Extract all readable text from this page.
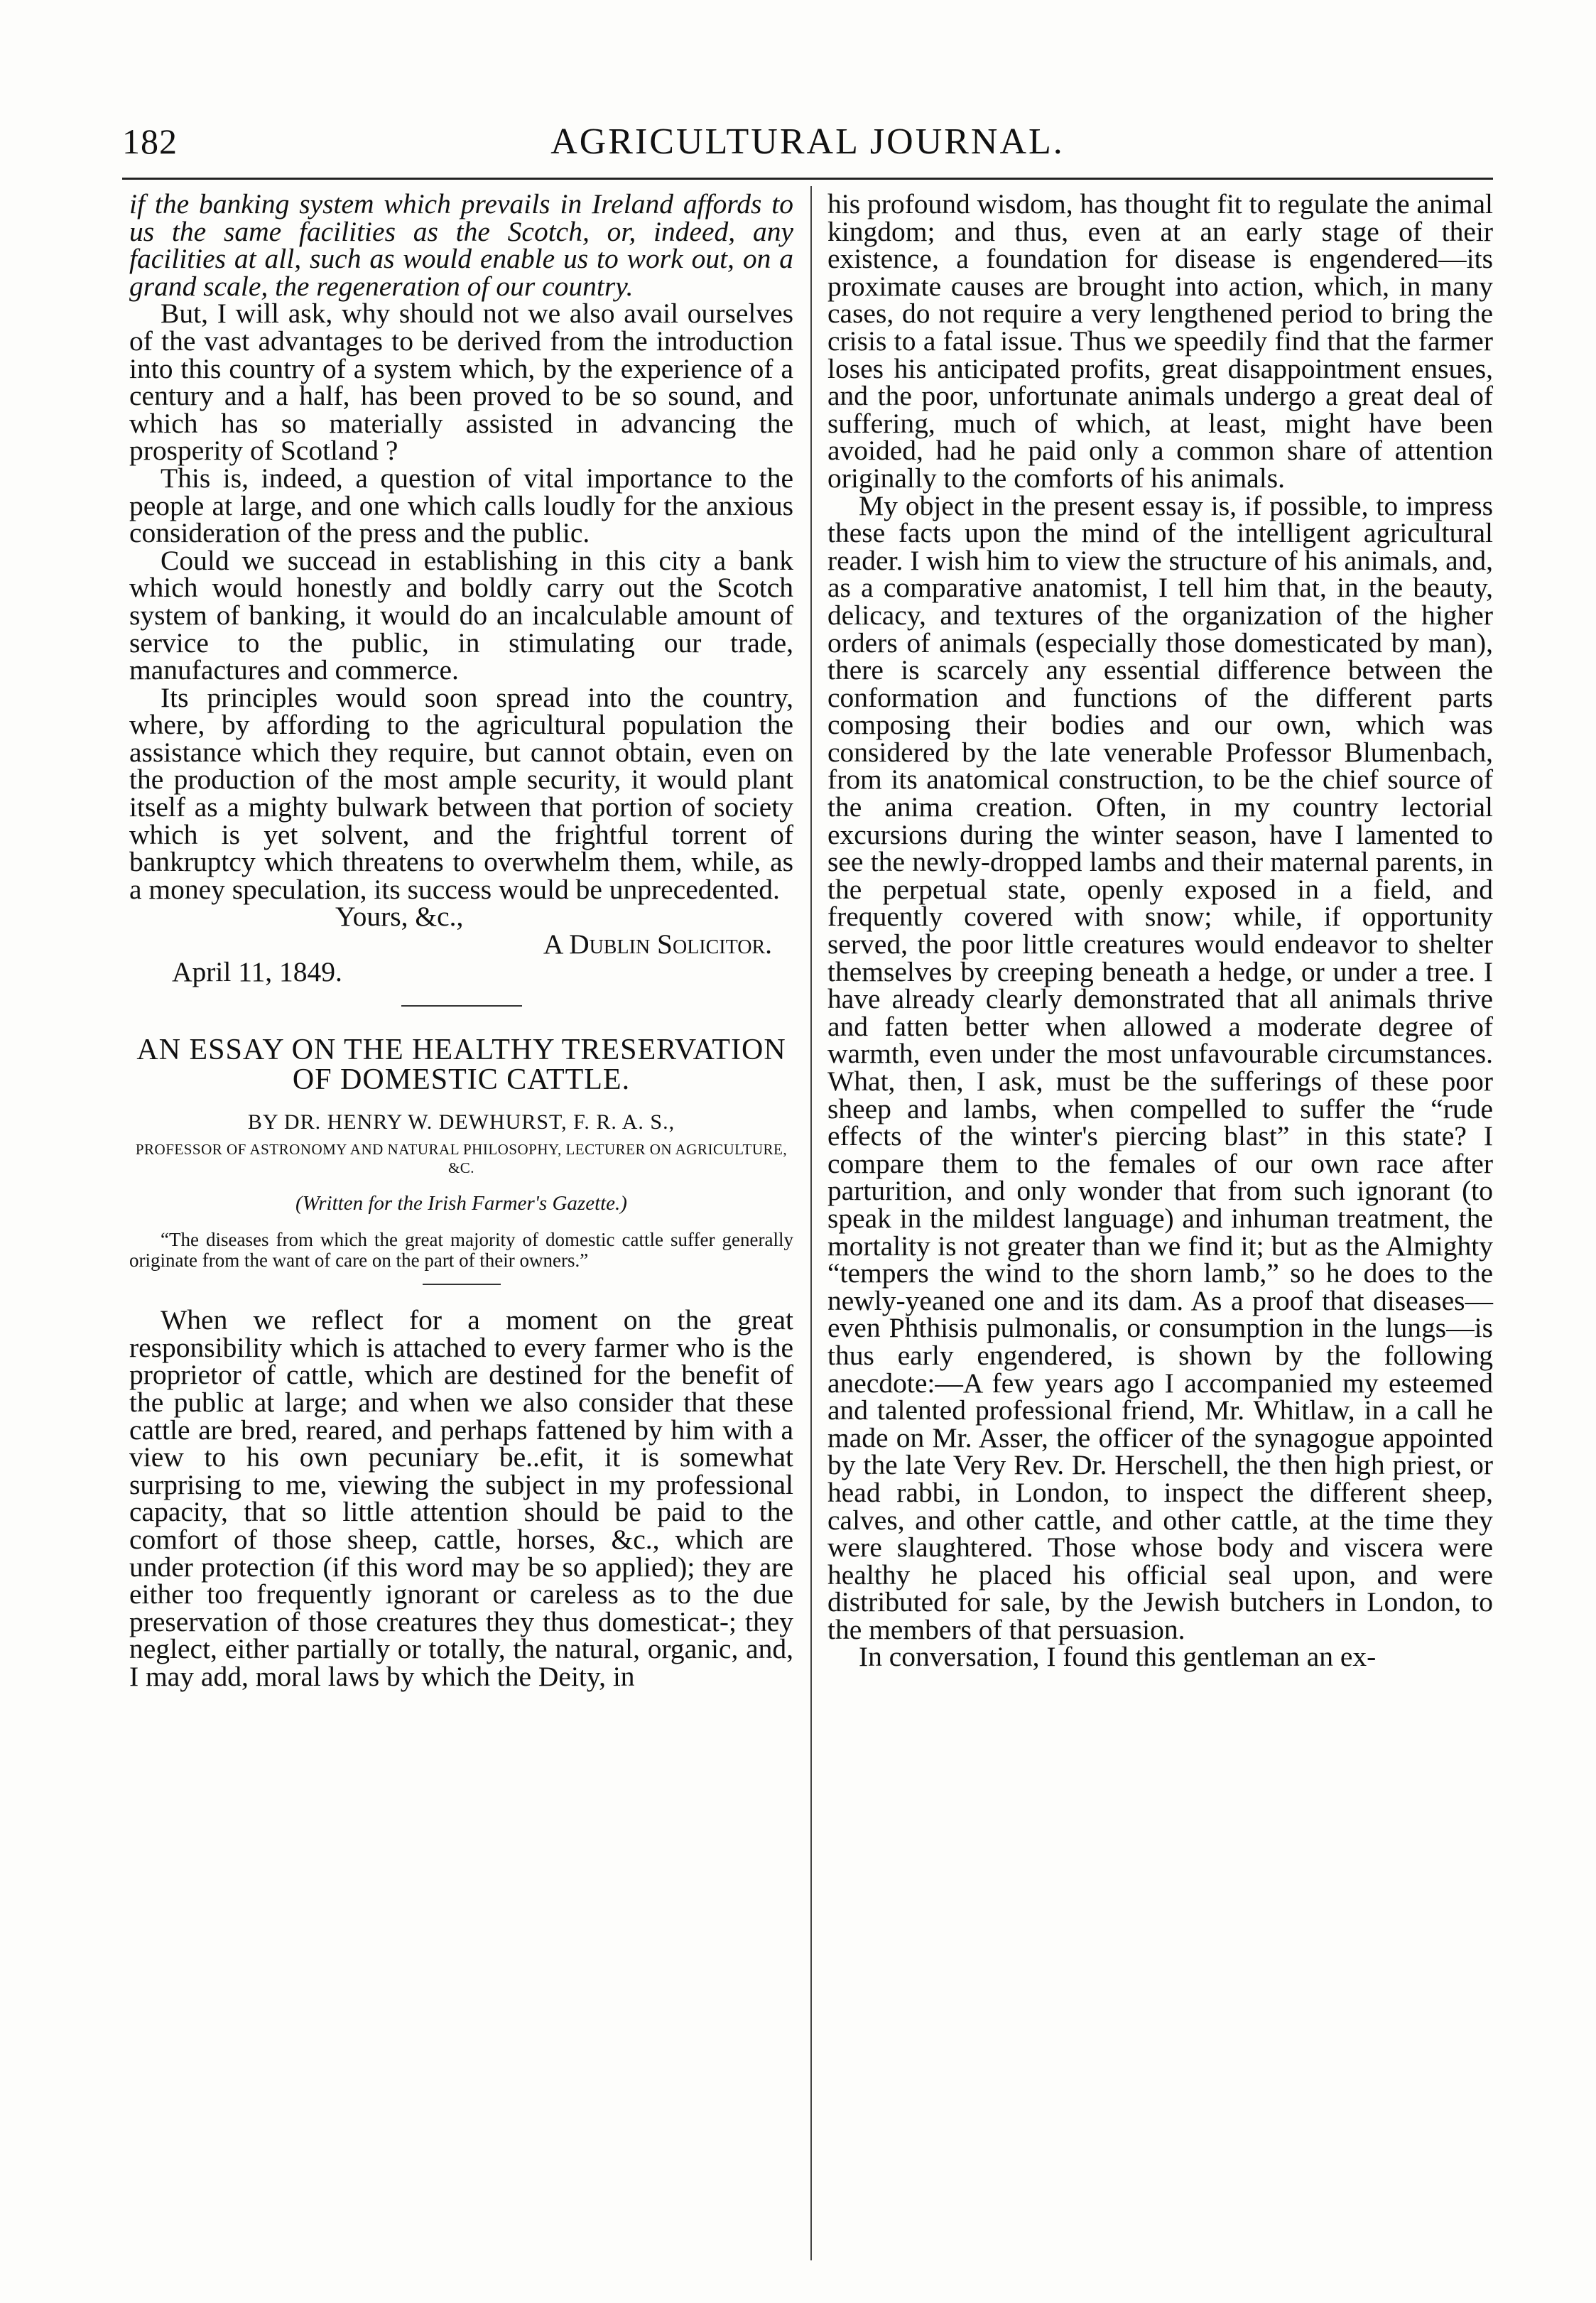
182	AGRICULTURAL JOURNAL.

if the banking system which prevails in Ireland affords to us the same facilities as the Scotch, or, indeed, any facilities at all, such as would enable us to work out, on a grand scale, the regeneration of our country.

But, I will ask, why should not we also avail ourselves of the vast advantages to be derived from the introduction into this country of a system which, by the experience of a century and a half, has been proved to be so sound, and which has so materially assisted in advancing the prosperity of Scotland ?

This is, indeed, a question of vital importance to the people at large, and one which calls loudly for the anxious consideration of the press and the public.

Could we succead in establishing in this city a bank which would honestly and boldly carry out the Scotch system of banking, it would do an incalculable amount of service to the public, in stimulating our trade, manufactures and commerce.

Its principles would soon spread into the country, where, by affording to the agricultural population the assistance which they require, but cannot obtain, even on the production of the most ample security, it would plant itself as a mighty bulwark between that portion of society which is yet solvent, and the frightful torrent of bankruptcy which threatens to overwhelm them, while, as a money speculation, its success would be unprecedented.

Yours, &c.,
A Dublin Solicitor.
April 11, 1849.
AN ESSAY ON THE HEALTHY TRESERVATION OF DOMESTIC CATTLE.
BY DR. HENRY W. DEWHURST, F. R. A. S.,
PROFESSOR OF ASTRONOMY AND NATURAL PHILOSOPHY, LECTURER ON AGRICULTURE, &C.
(Written for the Irish Farmer's Gazette.)

“The diseases from which the great majority of domestic cattle suffer generally originate from the want of care on the part of their owners.”

When we reflect for a moment on the great responsibility which is attached to every farmer who is the proprietor of cattle, which are destined for the benefit of the public at large; and when we also consider that these cattle are bred, reared, and perhaps fattened by him with a view to his own pecuniary be..efit, it is somewhat surprising to me, viewing the subject in my professional capacity, that so little attention should be paid to the comfort of those sheep, cattle, horses, &c., which are under protection (if this word may be so applied); they are either too frequently ignorant or careless as to the due preservation of those creatures they thus domesticat-; they neglect, either partially or totally, the natural, organic, and, I may add, moral laws by which the Deity, in

his profound wisdom, has thought fit to regulate the animal kingdom; and thus, even at an early stage of their existence, a foundation for disease is engendered—its proximate causes are brought into action, which, in many cases, do not require a very lengthened period to bring the crisis to a fatal issue. Thus we speedily find that the farmer loses his anticipated profits, great disappointment ensues, and the poor, unfortunate animals undergo a great deal of suffering, much of which, at least, might have been avoided, had he paid only a common share of attention originally to the comforts of his animals.

My object in the present essay is, if possible, to impress these facts upon the mind of the intelligent agricultural reader. I wish him to view the structure of his animals, and, as a comparative anatomist, I tell him that, in the beauty, delicacy, and textures of the organization of the higher orders of animals (especially those domesticated by man), there is scarcely any essential difference between the conformation and functions of the different parts composing their bodies and our own, which was considered by the late venerable Professor Blumenbach, from its anatomical construction, to be the chief source of the anima creation. Often, in my country lectorial excursions during the winter season, have I lamented to see the newly-dropped lambs and their maternal parents, in the perpetual state, openly exposed in a field, and frequently covered with snow; while, if opportunity served, the poor little creatures would endeavor to shelter themselves by creeping beneath a hedge, or under a tree. I have already clearly demonstrated that all animals thrive and fatten better when allowed a moderate degree of warmth, even under the most unfavourable circumstances. What, then, I ask, must be the sufferings of these poor sheep and lambs, when compelled to suffer the “rude effects of the winter's piercing blast” in this state? I compare them to the females of our own race after parturition, and only wonder that from such ignorant (to speak in the mildest language) and inhuman treatment, the mortality is not greater than we find it; but as the Almighty “tempers the wind to the shorn lamb,” so he does to the newly-yeaned one and its dam. As a proof that diseases—even Phthisis pulmonalis, or consumption in the lungs—is thus early engendered, is shown by the following anecdote:—A few years ago I accompanied my esteemed and talented professional friend, Mr. Whitlaw, in a call he made on Mr. Asser, the officer of the synagogue appointed by the late Very Rev. Dr. Herschell, the then high priest, or head rabbi, in London, to inspect the different sheep, calves, and other cattle, and other cattle, at the time they were slaughtered. Those whose body and viscera were healthy he placed his official seal upon, and were distributed for sale, by the Jewish butchers in London, to the members of that persuasion.

In conversation, I found this gentleman an ex-
